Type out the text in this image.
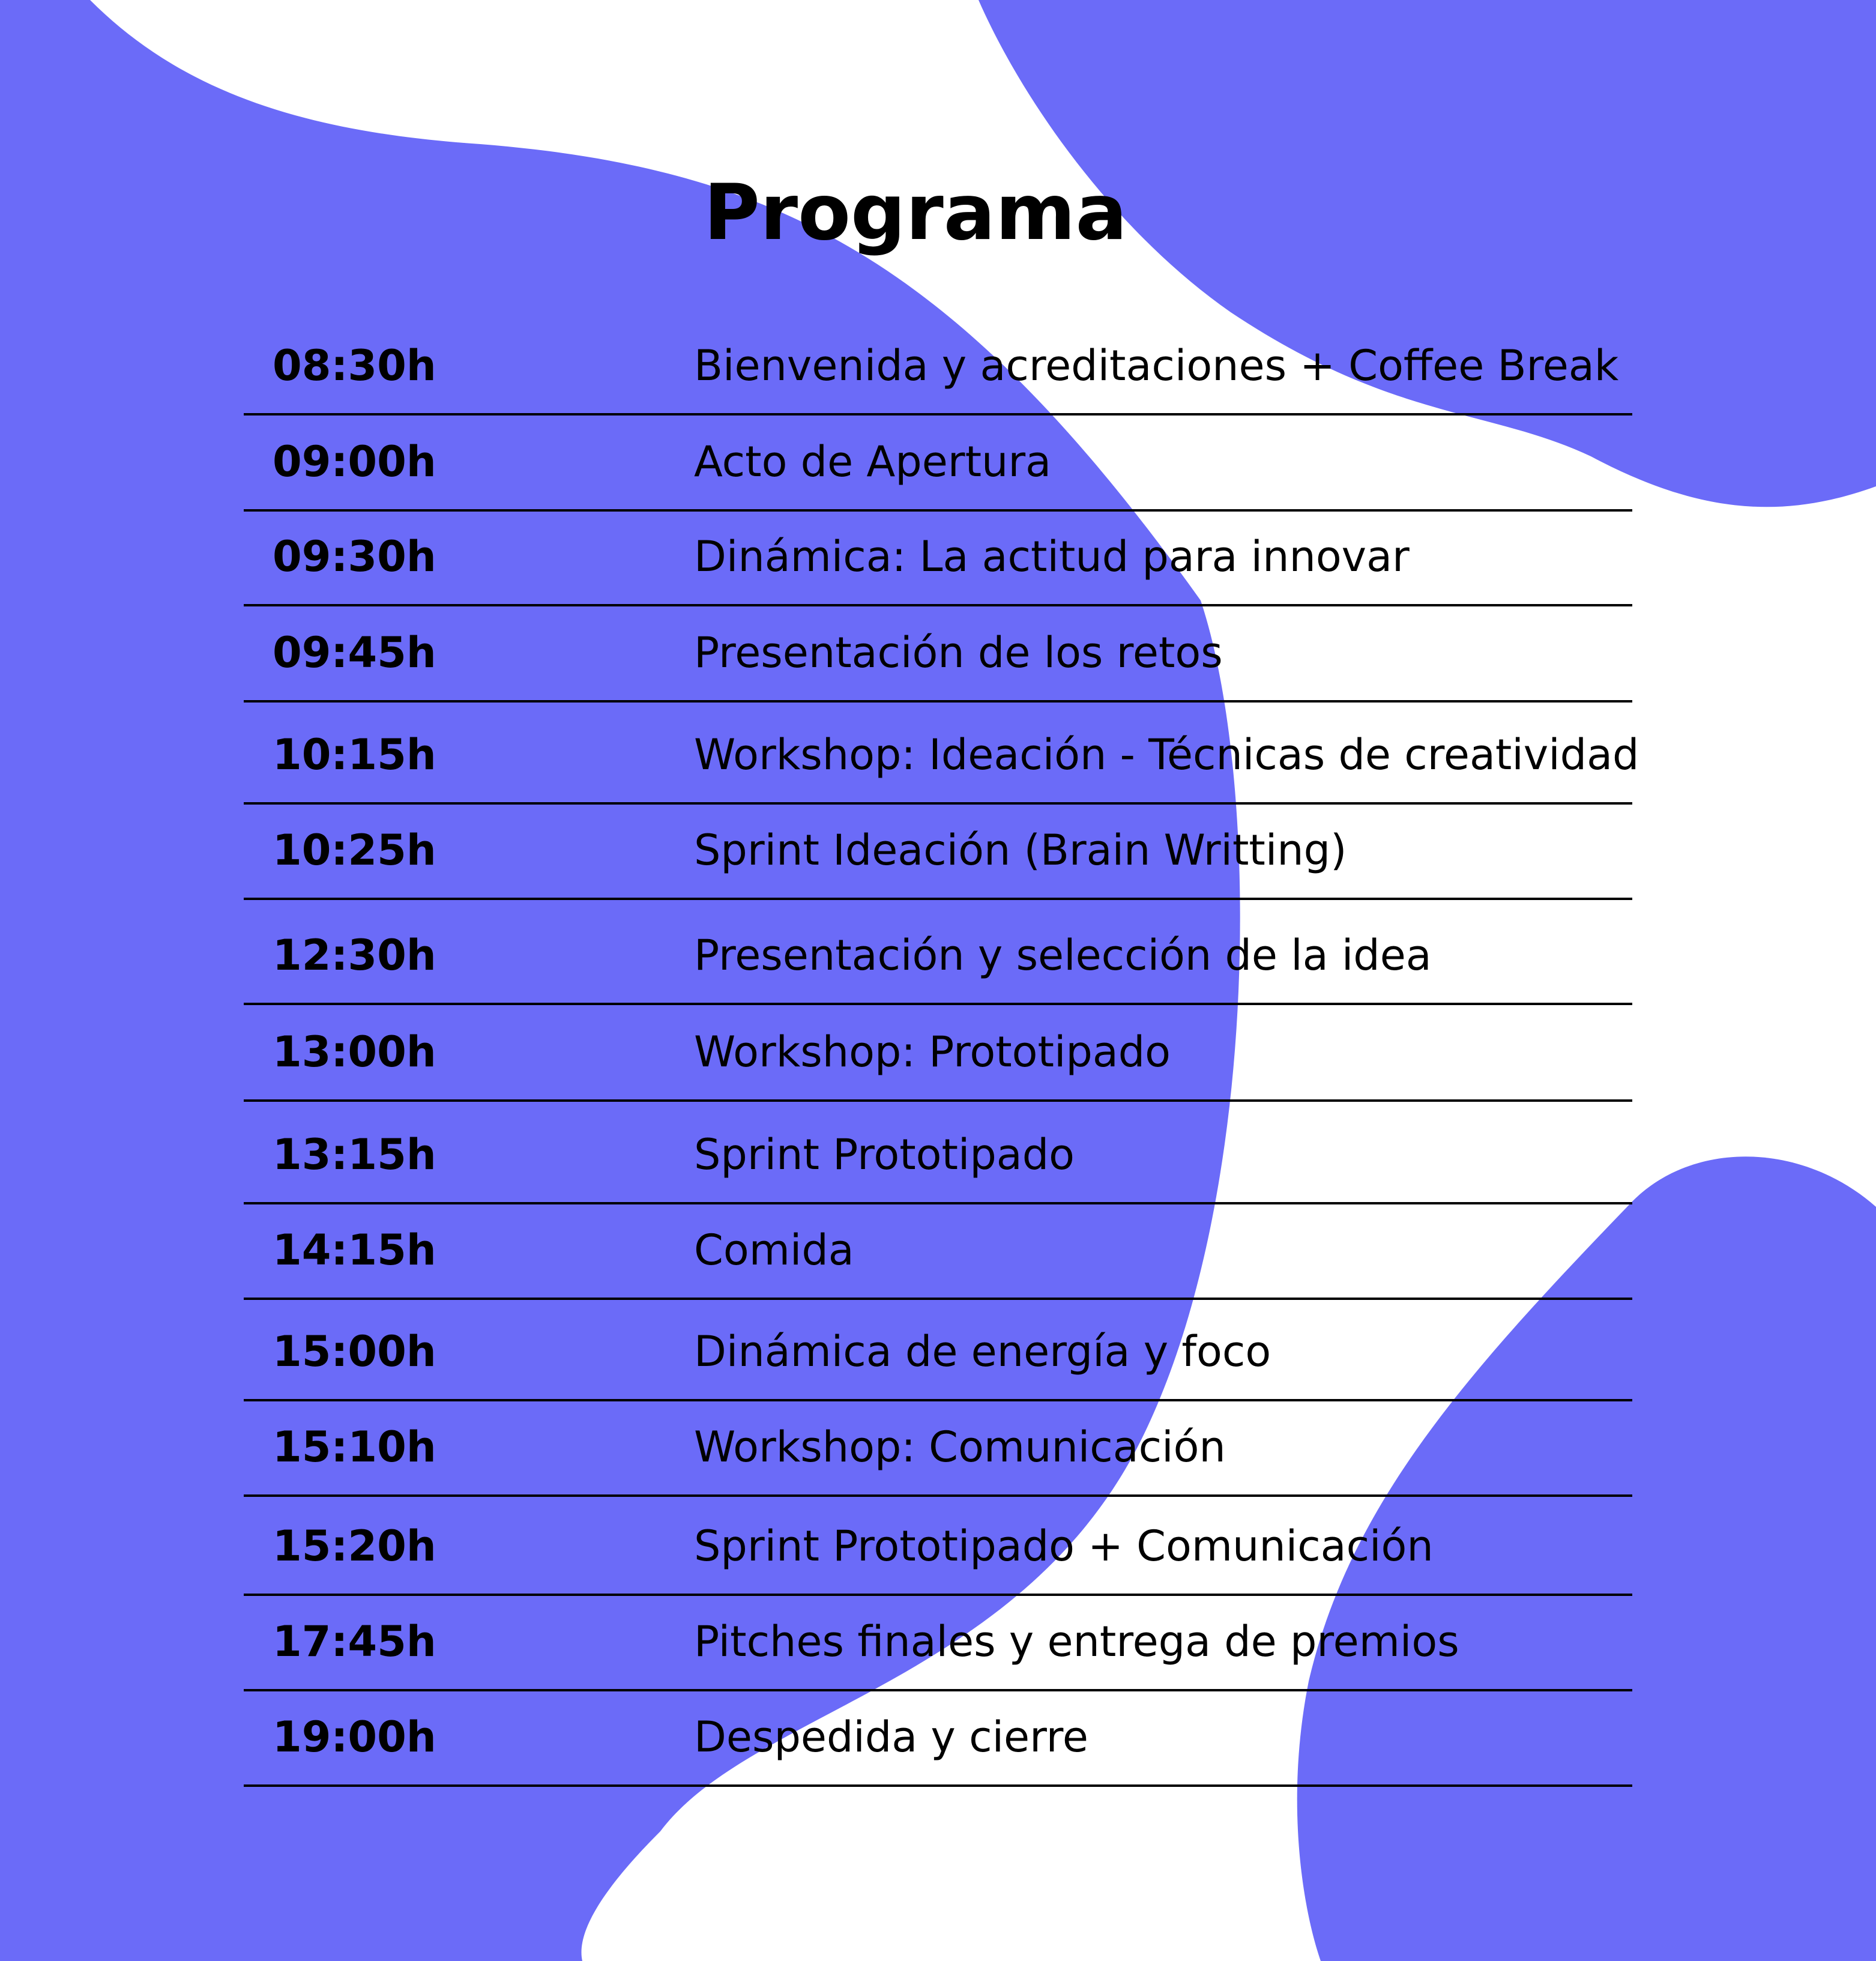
Programa
08:30h	Bienvenida y acreditaciones + Coffee Break
09:00h	Acto de Apertura
09:30h	Dinámica: La actitud para innovar
09:45h	Presentación de los retos
10:15h	Workshop: Ideación - Técnicas de creatividad
10:25h	Sprint Ideación (Brain Writting)
12:30h	Presentación y selección de la idea
13:00h	Workshop: Prototipado
13:15h	Sprint Prototipado
14:15h	Comida
15:00h	Dinámica de energía y foco
15:10h	Workshop: Comunicación
15:20h	Sprint Prototipado + Comunicación
17:45h	Pitches finales y entrega de premios
19:00h	Despedida y cierre
